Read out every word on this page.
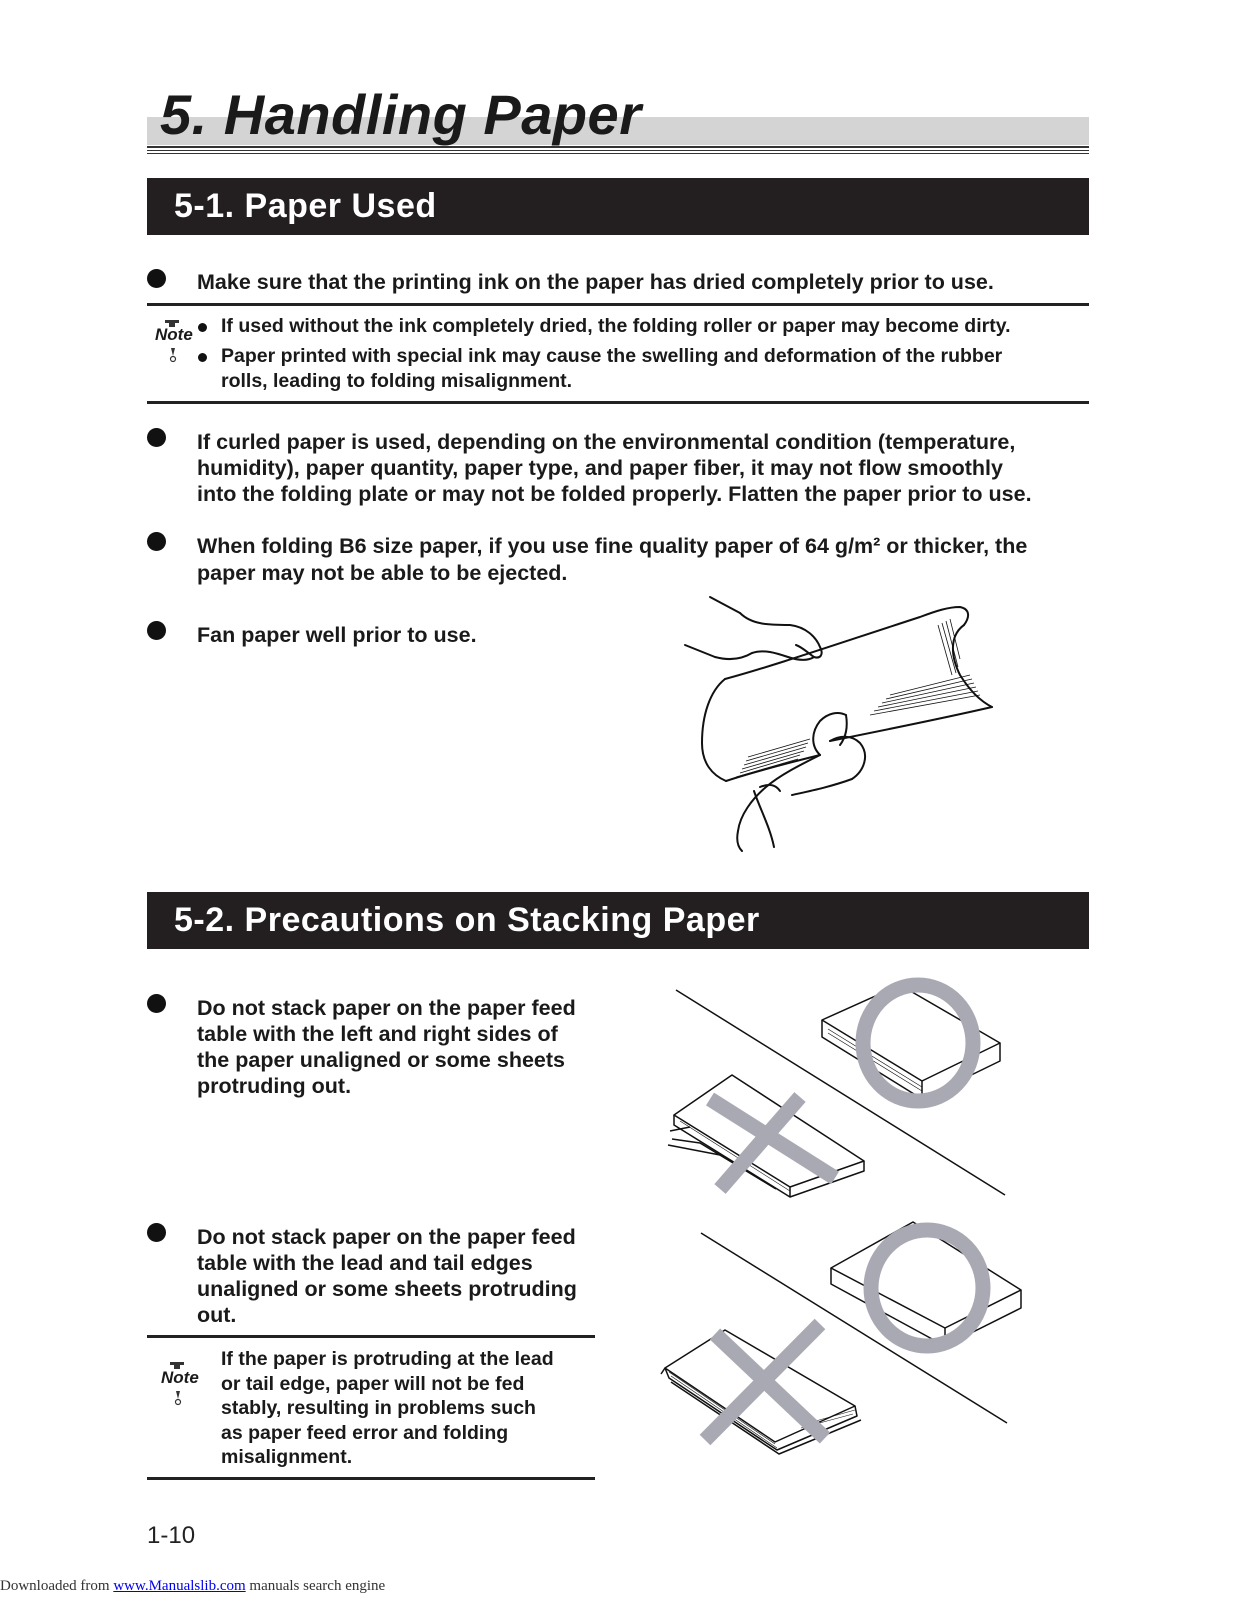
5. Handling Paper
5-1. Paper Used
Make sure that the printing ink on the paper has dried completely prior to use.
Note If used without the ink completely dried, the folding roller or paper may become dirty.
Paper printed with special ink may cause the swelling and deformation of the rubber
rolls, leading to folding misalignment.
If curled paper is used, depending on the environmental condition (temperature,
humidity), paper quantity, paper type, and paper fiber, it may not flow smoothly
into the folding plate or may not be folded properly. Flatten the paper prior to use.
When folding B6 size paper, if you use fine quality paper of 64 g/m² or thicker, the
paper may not be able to be ejected.
Fan paper well prior to use.
5-2. Precautions on Stacking Paper
Do not stack paper on the paper feed
table with the left and right sides of
the paper unaligned or some sheets
protruding out.
Do not stack paper on the paper feed
table with the lead and tail edges
unaligned or some sheets protruding
out.
Note
If the paper is protruding at the lead
or tail edge, paper will not be fed
stably, resulting in problems such
as paper feed error and folding
misalignment.
1-10
Downloaded from www.Manualslib.com manuals search engine
